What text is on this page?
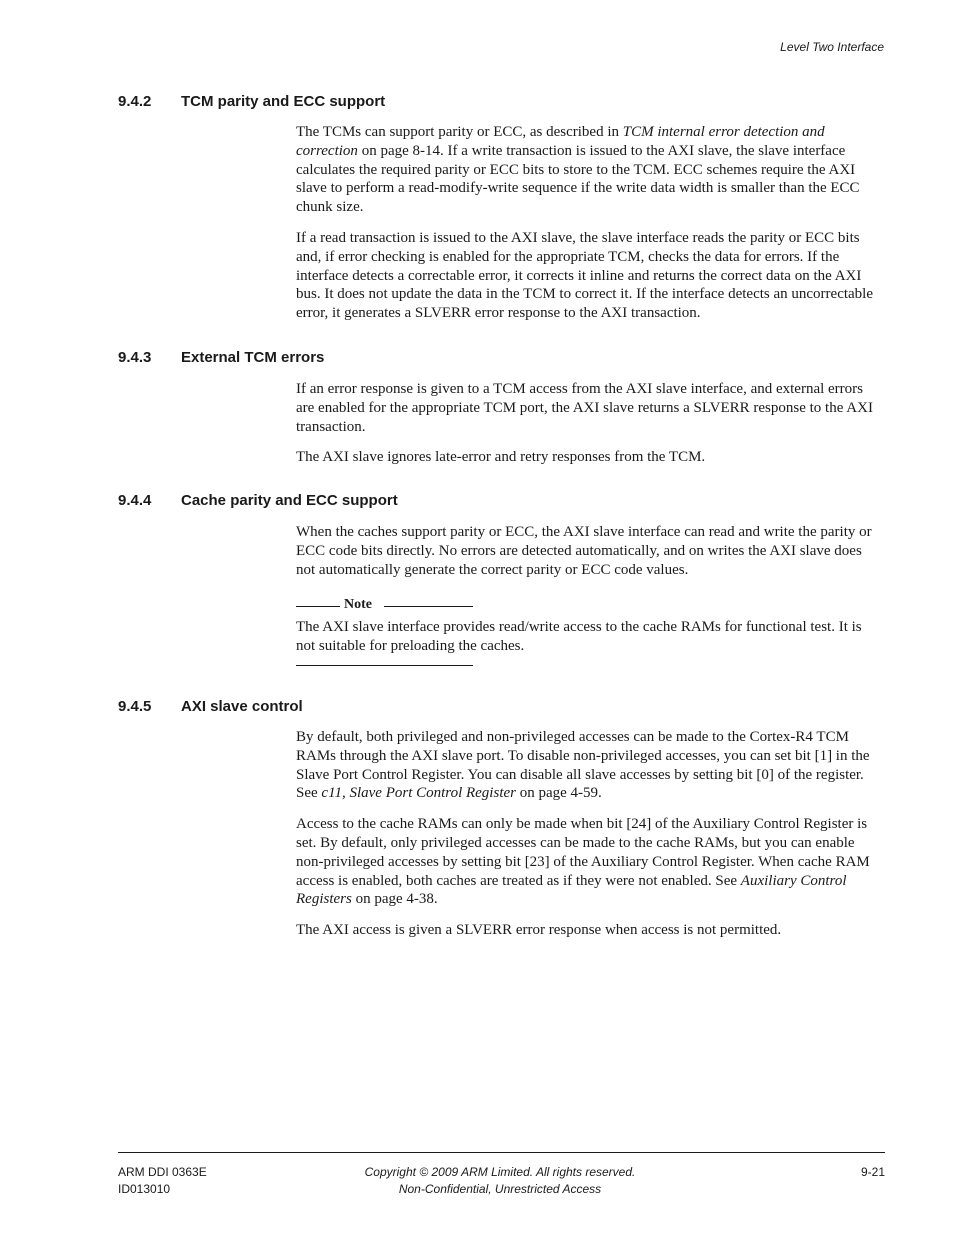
Level Two Interface
9.4.2 TCM parity and ECC support

The TCMs can support parity or ECC, as described in TCM internal error detection and correction on page 8-14. If a write transaction is issued to the AXI slave, the slave interface calculates the required parity or ECC bits to store to the TCM. ECC schemes require the AXI slave to perform a read-modify-write sequence if the write data width is smaller than the ECC chunk size.

If a read transaction is issued to the AXI slave, the slave interface reads the parity or ECC bits and, if error checking is enabled for the appropriate TCM, checks the data for errors. If the interface detects a correctable error, it corrects it inline and returns the correct data on the AXI bus. It does not update the data in the TCM to correct it. If the interface detects an uncorrectable error, it generates a SLVERR error response to the AXI transaction.

9.4.3 External TCM errors

If an error response is given to a TCM access from the AXI slave interface, and external errors are enabled for the appropriate TCM port, the AXI slave returns a SLVERR response to the AXI transaction.

The AXI slave ignores late-error and retry responses from the TCM.

9.4.4 Cache parity and ECC support

When the caches support parity or ECC, the AXI slave interface can read and write the parity or ECC code bits directly. No errors are detected automatically, and on writes the AXI slave does not automatically generate the correct parity or ECC code values.

Note

The AXI slave interface provides read/write access to the cache RAMs for functional test. It is not suitable for preloading the caches.

9.4.5 AXI slave control

By default, both privileged and non-privileged accesses can be made to the Cortex-R4 TCM RAMs through the AXI slave port. To disable non-privileged accesses, you can set bit [1] in the Slave Port Control Register. You can disable all slave accesses by setting bit [0] of the register. See c11, Slave Port Control Register on page 4-59.

Access to the cache RAMs can only be made when bit [24] of the Auxiliary Control Register is set. By default, only privileged accesses can be made to the cache RAMs, but you can enable non-privileged accesses by setting bit [23] of the Auxiliary Control Register. When cache RAM access is enabled, both caches are treated as if they were not enabled. See Auxiliary Control Registers on page 4-38.

The AXI access is given a SLVERR error response when access is not permitted.

ARM DDI 0363E
ID013010
Copyright © 2009 ARM Limited. All rights reserved.
Non-Confidential, Unrestricted Access
9-21
